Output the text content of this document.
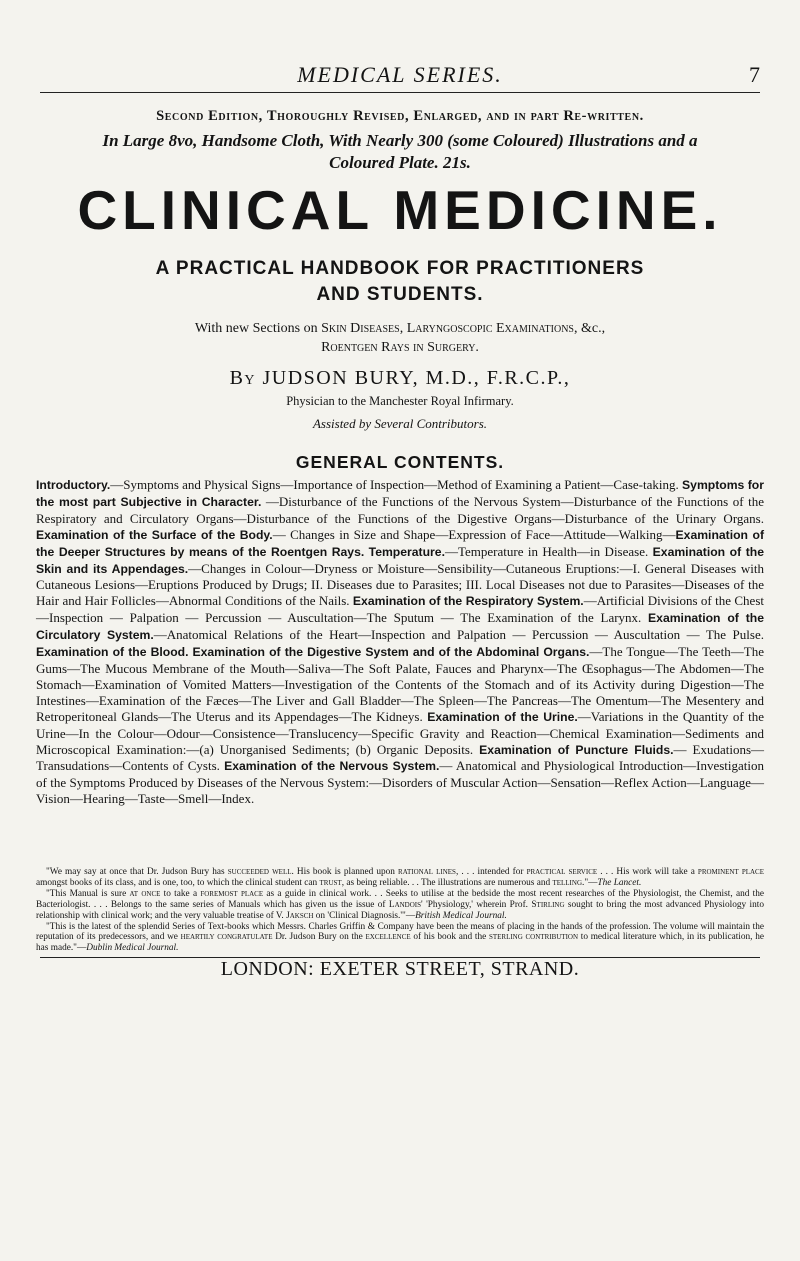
MEDICAL SERIES.	7
Second Edition, Thoroughly Revised, Enlarged, and in part Re-written.
In Large 8vo, Handsome Cloth, With Nearly 300 (some Coloured) Illustrations and a
Coloured Plate. 21s.
CLINICAL MEDICINE.
A PRACTICAL HANDBOOK FOR PRACTITIONERS
AND STUDENTS.
With new Sections on Skin Diseases, Laryngoscopic Examinations, &c.,
Roentgen Rays in Surgery.
By JUDSON BURY, M.D., F.R.C.P.,
Physician to the Manchester Royal Infirmary.
Assisted by Several Contributors.
GENERAL CONTENTS.
Introductory.—Symptoms and Physical Signs—Importance of Inspection—Method of Examining a Patient—Case-taking. Symptoms for the most part Subjective in Character. —Disturbance of the Functions of the Nervous System—Disturbance of the Functions of the Respiratory and Circulatory Organs—Disturbance of the Functions of the Digestive Organs—Disturbance of the Urinary Organs. Examination of the Surface of the Body.— Changes in Size and Shape—Expression of Face—Attitude—Walking—Examination of the Deeper Structures by means of the Roentgen Rays. Temperature.—Temperature in Health—in Disease. Examination of the Skin and its Appendages.—Changes in Colour—Dryness or Moisture—Sensibility—Cutaneous Eruptions:—I. General Diseases with Cutaneous Lesions—Eruptions Produced by Drugs; II. Diseases due to Parasites; III. Local Diseases not due to Parasites—Diseases of the Hair and Hair Follicles—Abnormal Conditions of the Nails. Examination of the Respiratory System.—Artificial Divisions of the Chest—Inspection — Palpation — Percussion — Auscultation—The Sputum — The Examination of the Larynx. Examination of the Circulatory System.—Anatomical Relations of the Heart—Inspection and Palpation — Percussion — Auscultation — The Pulse. Examination of the Blood. Examination of the Digestive System and of the Abdominal Organs.—The Tongue—The Teeth—The Gums—The Mucous Membrane of the Mouth—Saliva—The Soft Palate, Fauces and Pharynx—The Œsophagus—The Abdomen—The Stomach—Examination of Vomited Matters—Investigation of the Contents of the Stomach and of its Activity during Digestion—The Intestines—Examination of the Fæces—The Liver and Gall Bladder—The Spleen—The Pancreas—The Omentum—The Mesentery and Retroperitoneal Glands—The Uterus and its Appendages—The Kidneys. Examination of the Urine.—Variations in the Quantity of the Urine—In the Colour—Odour—Consistence—Translucency—Specific Gravity and Reaction—Chemical Examination—Sediments and Microscopical Examination:—(a) Unorganised Sediments; (b) Organic Deposits. Examination of Puncture Fluids.— Exudations—Transudations—Contents of Cysts. Examination of the Nervous System.— Anatomical and Physiological Introduction—Investigation of the Symptoms Produced by Diseases of the Nervous System:—Disorders of Muscular Action—Sensation—Reflex Action—Language—Vision—Hearing—Taste—Smell—Index.

"We may say at once that Dr. Judson Bury has succeeded well. His book is planned upon rational lines, . . . intended for practical service . . . His work will take a prominent place amongst books of its class, and is one, too, to which the clinical student can trust, as being reliable. . . The illustrations are numerous and telling."—The Lancet.

"This Manual is sure at once to take a foremost place as a guide in clinical work. . . Seeks to utilise at the bedside the most recent researches of the Physiologist, the Chemist, and the Bacteriologist. . . . Belongs to the same series of Manuals which has given us the issue of Landois' 'Physiology,' wherein Prof. Stirling sought to bring the most advanced Physiology into relationship with clinical work; and the very valuable treatise of V. Jaksch on 'Clinical Diagnosis.'"—British Medical Journal.

"This is the latest of the splendid Series of Text-books which Messrs. Charles Griffin & Company have been the means of placing in the hands of the profession. The volume will maintain the reputation of its predecessors, and we heartily congratulate Dr. Judson Bury on the excellence of his book and the sterling contribution to medical literature which, in its publication, he has made."—Dublin Medical Journal.

LONDON: EXETER STREET, STRAND.
